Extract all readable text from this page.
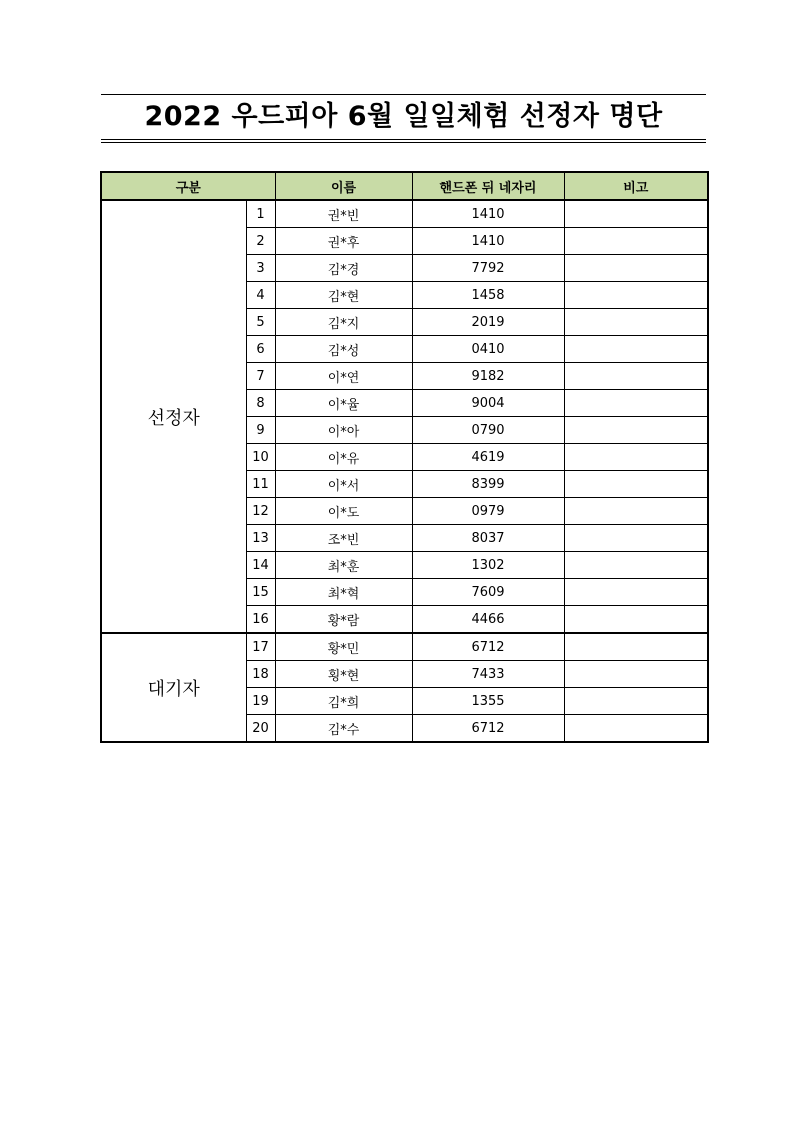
2022 우드피아 6월 일일체험 선정자 명단
구분		이름	핸드폰 뒤 네자리	비고
선정자	1	권*빈	1410	
	2	권*후	1410	
	3	김*경	7792	
	4	김*현	1458	
	5	김*지	2019	
	6	김*성	0410	
	7	이*연	9182	
	8	이*율	9004	
	9	이*아	0790	
	10	이*유	4619	
	11	이*서	8399	
	12	이*도	0979	
	13	조*빈	8037	
	14	최*훈	1302	
	15	최*혁	7609	
	16	황*람	4466	
대기자	17	황*민	6712	
	18	횡*현	7433	
	19	김*희	1355	
	20	김*수	6712	
